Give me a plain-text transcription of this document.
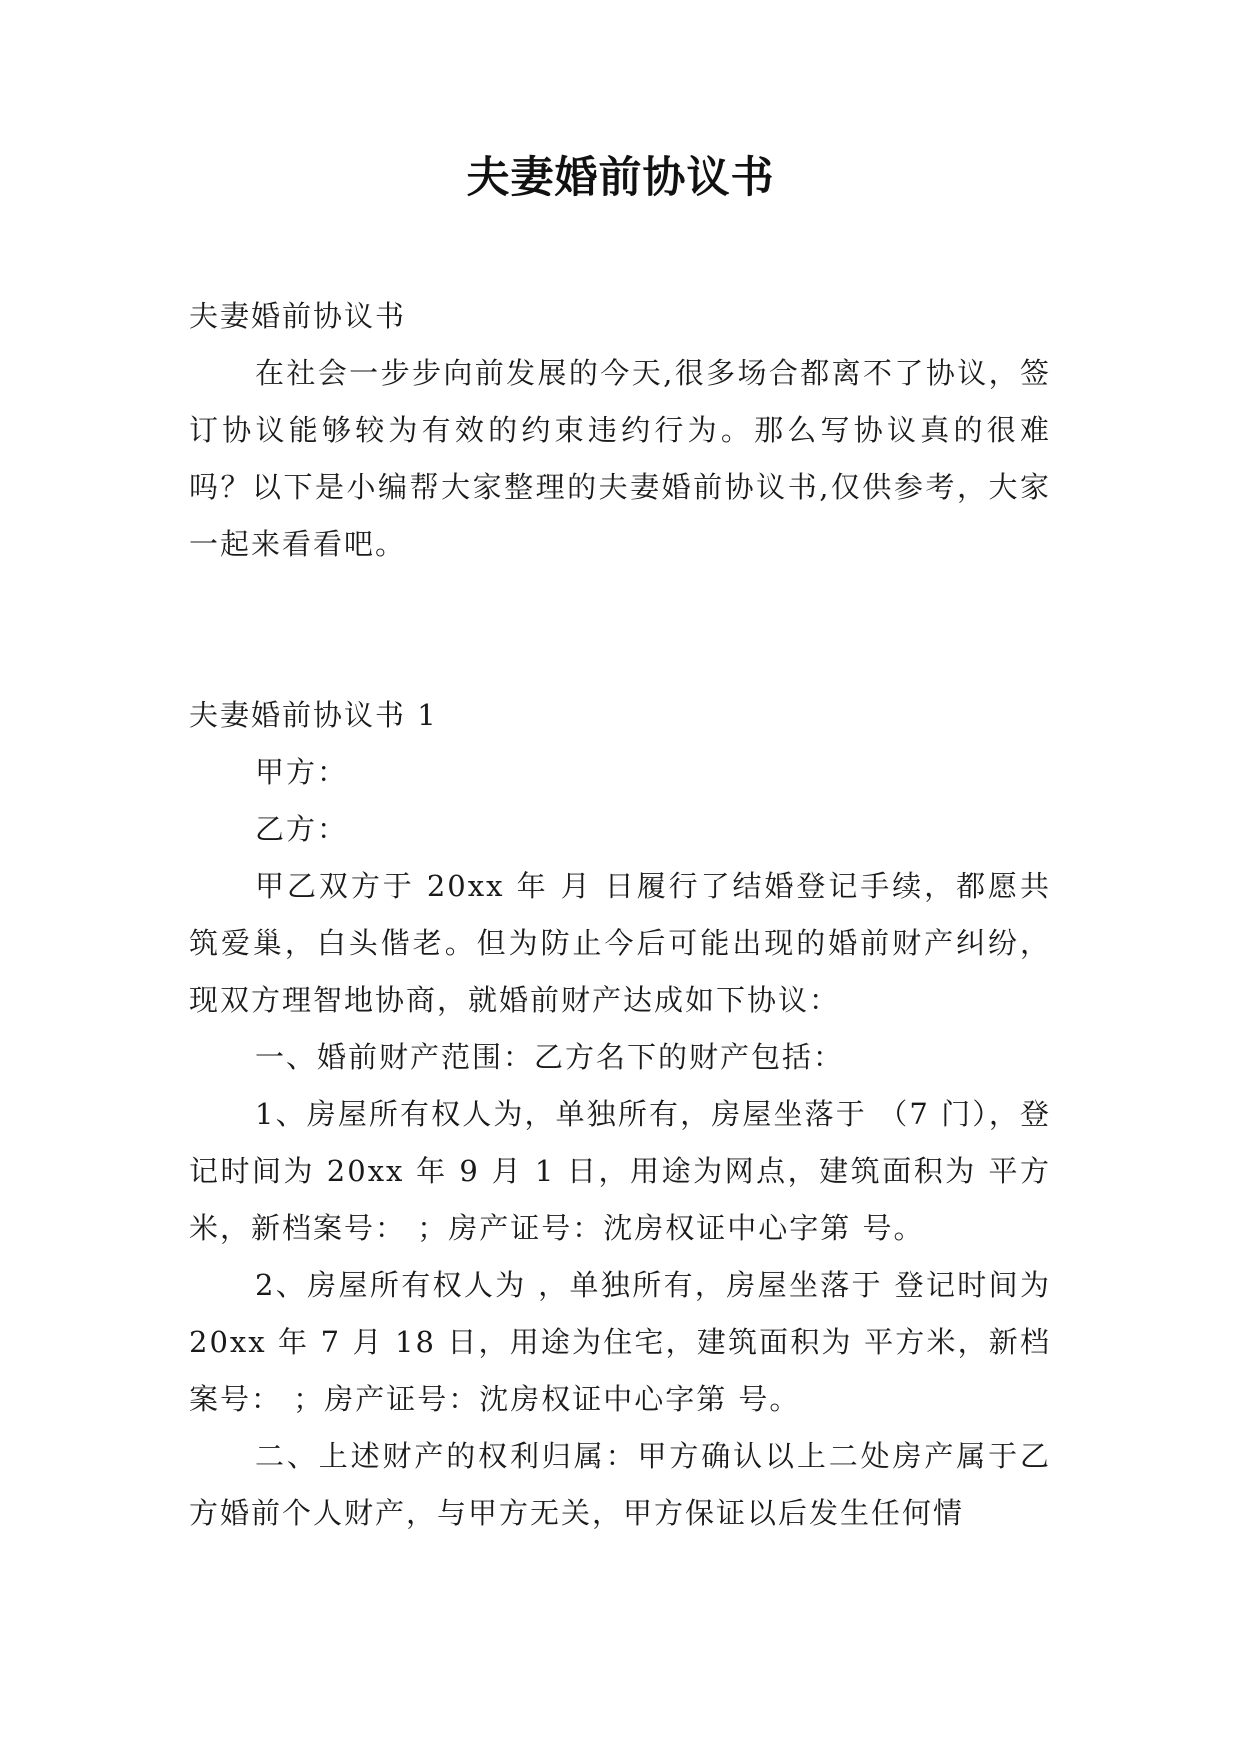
夫妻婚前协议书

夫妻婚前协议书

在社会一步步向前发展的今天,很多场合都离不了协议，签订协议能够较为有效的约束违约行为。那么写协议真的很难吗？以下是小编帮大家整理的夫妻婚前协议书,仅供参考，大家一起来看看吧。

夫妻婚前协议书 1

甲方：

乙方：

甲乙双方于 20xx 年 月 日履行了结婚登记手续，都愿共筑爱巢，白头偕老。但为防止今后可能出现的婚前财产纠纷，现双方理智地协商，就婚前财产达成如下协议：

一、婚前财产范围：乙方名下的财产包括：

1、房屋所有权人为，单独所有，房屋坐落于 （7 门），登记时间为 20xx 年 9 月 1 日，用途为网点，建筑面积为 平方米，新档案号： ；房产证号：沈房权证中心字第 号。

2、房屋所有权人为 ，单独所有，房屋坐落于 登记时间为 20xx 年 7 月 18 日，用途为住宅，建筑面积为 平方米，新档案号： ；房产证号：沈房权证中心字第 号。

二、上述财产的权利归属：甲方确认以上二处房产属于乙方婚前个人财产，与甲方无关，甲方保证以后发生任何情
